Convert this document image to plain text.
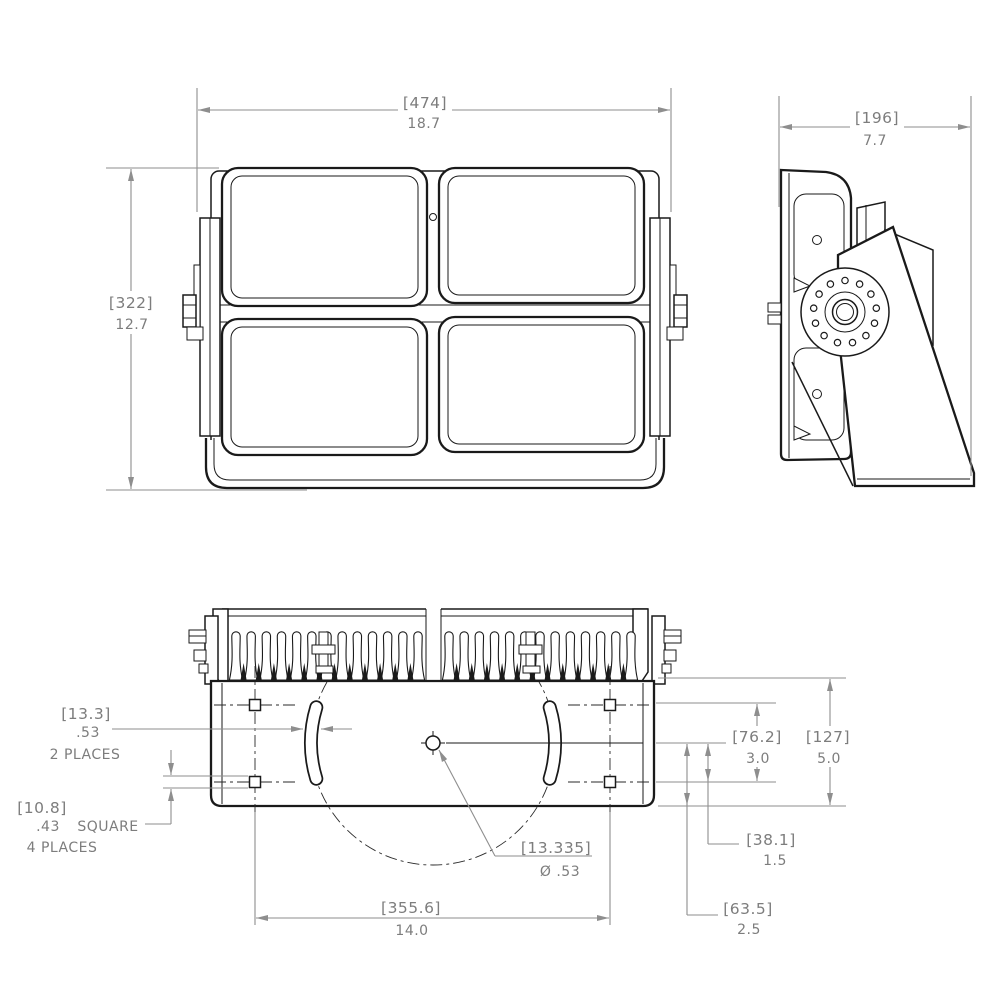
[474]
18.7
[322]
12.7
[196]
7.7
[76.2]
3.0
[127]
5.0
[38.1]
1.5
[63.5]
2.5
[355.6]
14.0
[13.335]
Ø .53
[13.3]
.53
2 PLACES
[10.8]
.43 SQUARE
4 PLACES
